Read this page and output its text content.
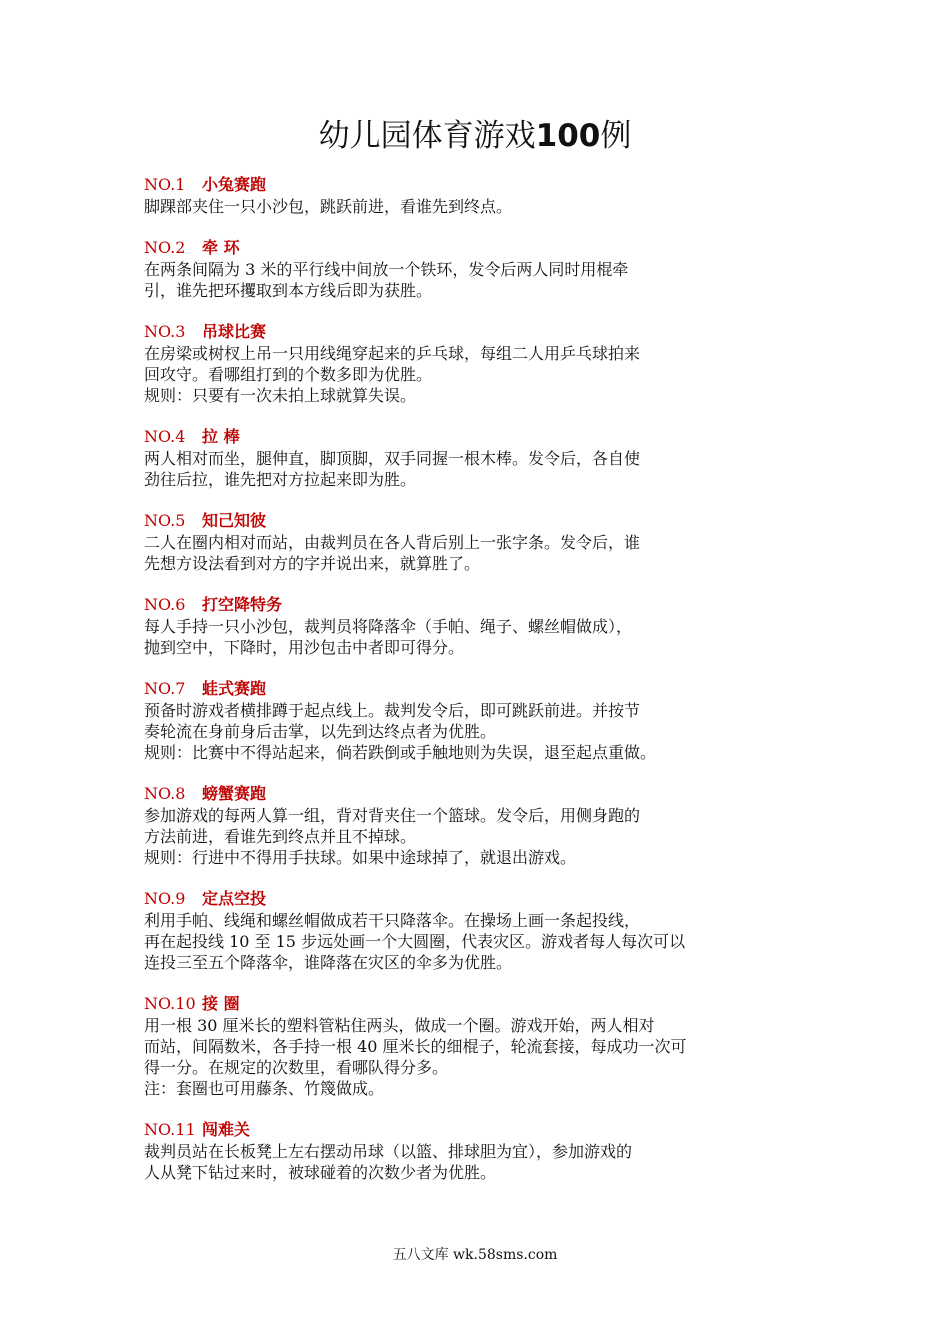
幼儿园体育游戏100例
NO.1 小兔赛跑
脚踝部夹住一只小沙包，跳跃前进，看谁先到终点。
NO.2 牵 环
在两条间隔为 3 米的平行线中间放一个铁环，发令后两人同时用棍牵
引，谁先把环攫取到本方线后即为获胜。
NO.3 吊球比赛
在房梁或树杈上吊一只用线绳穿起来的乒乓球，每组二人用乒乓球拍来
回攻守。看哪组打到的个数多即为优胜。
规则：只要有一次未拍上球就算失误。
NO.4 拉 棒
两人相对而坐，腿伸直，脚顶脚，双手同握一根木棒。发令后，各自使
劲往后拉，谁先把对方拉起来即为胜。
NO.5 知己知彼
二人在圈内相对而站，由裁判员在各人背后别上一张字条。发令后，谁
先想方设法看到对方的字并说出来，就算胜了。
NO.6 打空降特务
每人手持一只小沙包，裁判员将降落伞（手帕、绳子、螺丝帽做成），
抛到空中，下降时，用沙包击中者即可得分。
NO.7 蛙式赛跑
预备时游戏者横排蹲于起点线上。裁判发令后，即可跳跃前进。并按节
奏轮流在身前身后击掌，以先到达终点者为优胜。
规则：比赛中不得站起来，倘若跌倒或手触地则为失误，退至起点重做。
NO.8 螃蟹赛跑
参加游戏的每两人算一组，背对背夹住一个篮球。发令后，用侧身跑的
方法前进，看谁先到终点并且不掉球。
规则：行进中不得用手扶球。如果中途球掉了，就退出游戏。
NO.9 定点空投
利用手帕、线绳和螺丝帽做成若干只降落伞。在操场上画一条起投线，
再在起投线 10 至 15 步远处画一个大圆圈，代表灾区。游戏者每人每次可以
连投三至五个降落伞，谁降落在灾区的伞多为优胜。
NO.10 接 圈
用一根 30 厘米长的塑料管粘住两头，做成一个圈。游戏开始，两人相对
而站，间隔数米，各手持一根 40 厘米长的细棍子，轮流套接，每成功一次可
得一分。在规定的次数里，看哪队得分多。
注：套圈也可用藤条、竹篾做成。
NO.11 闯难关
裁判员站在长板凳上左右摆动吊球（以篮、排球胆为宜），参加游戏的
人从凳下钻过来时，被球碰着的次数少者为优胜。
五八文库 wk.58sms.com
